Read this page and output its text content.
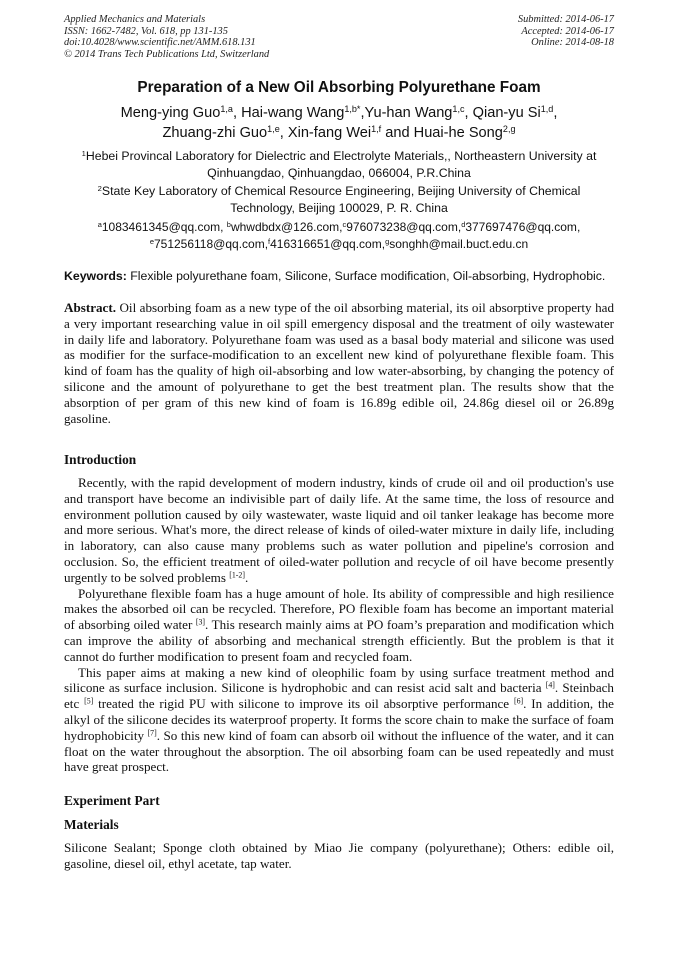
Applied Mechanics and Materials
ISSN: 1662-7482, Vol. 618, pp 131-135
doi:10.4028/www.scientific.net/AMM.618.131
© 2014 Trans Tech Publications Ltd, Switzerland
Submitted: 2014-06-17
Accepted: 2014-06-17
Online: 2014-08-18
Preparation of a New Oil Absorbing Polyurethane Foam
Meng-ying Guo$^{1,a}$, Hai-wang Wang$^{1,b*}$,Yu-han Wang$^{1,c}$, Qian-yu Si$^{1,d}$,
Zhuang-zhi Guo$^{1,e}$, Xin-fang Wei$^{1,f}$ and Huai-he Song$^{2,g}$
$^1$Hebei Provincal Laboratory for Dielectric and Electrolyte Materials,, Northeastern University at Qinhuangdao, Qinhuangdao, 066004, P.R.China
$^2$State Key Laboratory of Chemical Resource Engineering, Beijing University of Chemical Technology, Beijing 100029, P. R. China
$^a$1083461345@qq.com, $^b$whwdbdx@126.com,$^c$976073238@qq.com,$^d$377697476@qq.com,
$^e$751256118@qq.com,$^f$416316651@qq.com,$^g$songhh@mail.buct.edu.cn
Keywords: Flexible polyurethane foam, Silicone, Surface modification, Oil-absorbing, Hydrophobic.
Abstract. Oil absorbing foam as a new type of the oil absorbing material, its oil absorptive property had a very important researching value in oil spill emergency disposal and the treatment of oily wastewater in daily life and laboratory. Polyurethane foam was used as a basal body material and silicone was used as modifier for the surface-modification to an excellent new kind of polyurethane flexible foam. This kind of foam has the quality of high oil-absorbing and low water-absorbing, by changing the potency of silicone and the amount of polyurethane to get the best treatment plan. The results show that the absorption of per gram of this new kind of foam is 16.89g edible oil, 24.86g diesel oil or 26.89g gasoline.
Introduction

Recently, with the rapid development of modern industry, kinds of crude oil and oil production's use and transport have become an indivisible part of daily life. At the same time, the loss of resource and environment pollution caused by oily wastewater, waste liquid and oil tanker leakage has become more and more serious. What's more, the direct release of kinds of oiled-water mixture in daily life, including in laboratory, can also cause many problems such as water pollution and pipeline's corrosion and occlusion. So, the efficient treatment of oiled-water pollution and recycle of oil have become presently urgently to be solved problems [1-2].

Polyurethane flexible foam has a huge amount of hole. Its ability of compressible and high resilience makes the absorbed oil can be recycled. Therefore, PO flexible foam has become an important material of absorbing oiled water [3]. This research mainly aims at PO foam’s preparation and modification which can improve the ability of absorbing and mechanical strength efficiently. But the problem is that it cannot do further modification to present foam and recycled foam.

This paper aims at making a new kind of oleophilic foam by using surface treatment method and silicone as surface inclusion. Silicone is hydrophobic and can resist acid salt and bacteria [4]. Steinbach etc [5] treated the rigid PU with silicone to improve its oil absorptive performance [6]. In addition, the alkyl of the silicone decides its waterproof property. It forms the score chain to make the surface of foam hydrophobicity [7]. So this new kind of foam can absorb oil without the influence of the water, and it can float on the water throughout the absorption. The oil absorbing foam can be used repeatedly and must have great prospect.

Experiment Part
Materials

Silicone Sealant; Sponge cloth obtained by Miao Jie company (polyurethane); Others: edible oil, gasoline, diesel oil, ethyl acetate, tap water.
